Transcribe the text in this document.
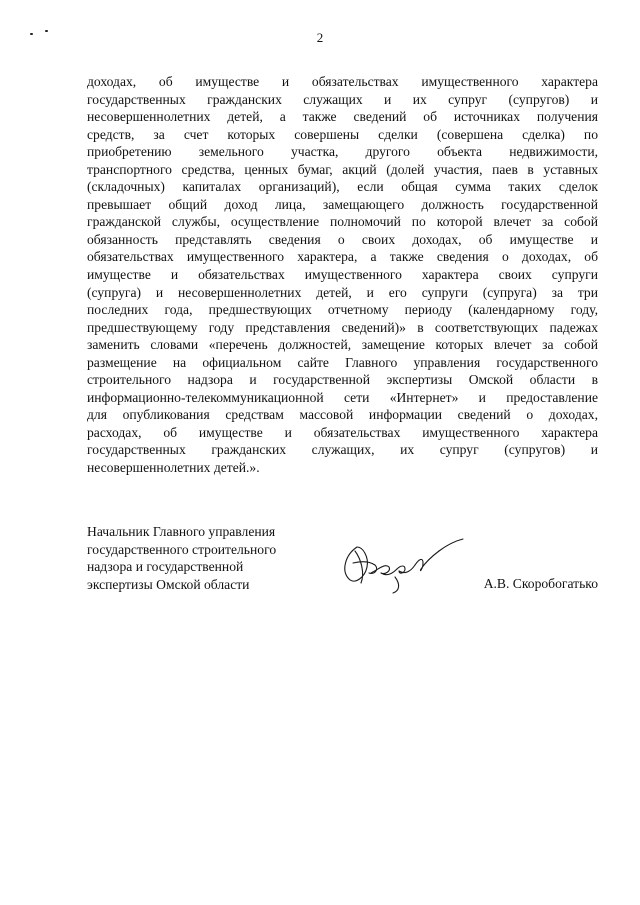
2
доходах, об имуществе и обязательствах имущественного характера
государственных гражданских служащих и их супруг (супругов) и
несовершеннолетних детей, а также сведений об источниках получения
средств, за счет которых совершены сделки (совершена сделка) по
приобретению земельного участка, другого объекта недвижимости,
транспортного средства, ценных бумаг, акций (долей участия, паев в уставных
(складочных) капиталах организаций), если общая сумма таких сделок
превышает общий доход лица, замещающего должность государственной
гражданской службы, осуществление полномочий по которой влечет за собой
обязанность представлять сведения о своих доходах, об имуществе и
обязательствах имущественного характера, а также сведения о доходах, об
имуществе и обязательствах имущественного характера своих супруги
(супруга) и несовершеннолетних детей, и его супруги (супруга) за три
последних года, предшествующих отчетному периоду (календарному году,
предшествующему году представления сведений)» в соответствующих падежах
заменить словами «перечень должностей, замещение которых влечет за собой
размещение на официальном сайте Главного управления государственного
строительного надзора и государственной экспертизы Омской области в
информационно-телекоммуникационной сети «Интернет» и предоставление
для опубликования средствам массовой информации сведений о доходах,
расходах, об имуществе и обязательствах имущественного характера
государственных гражданских служащих, их супруг (супругов) и
несовершеннолетних детей.».
Начальник Главного управления
государственного строительного
надзора и государственной
экспертизы Омской области	А.В. Скоробогатько
